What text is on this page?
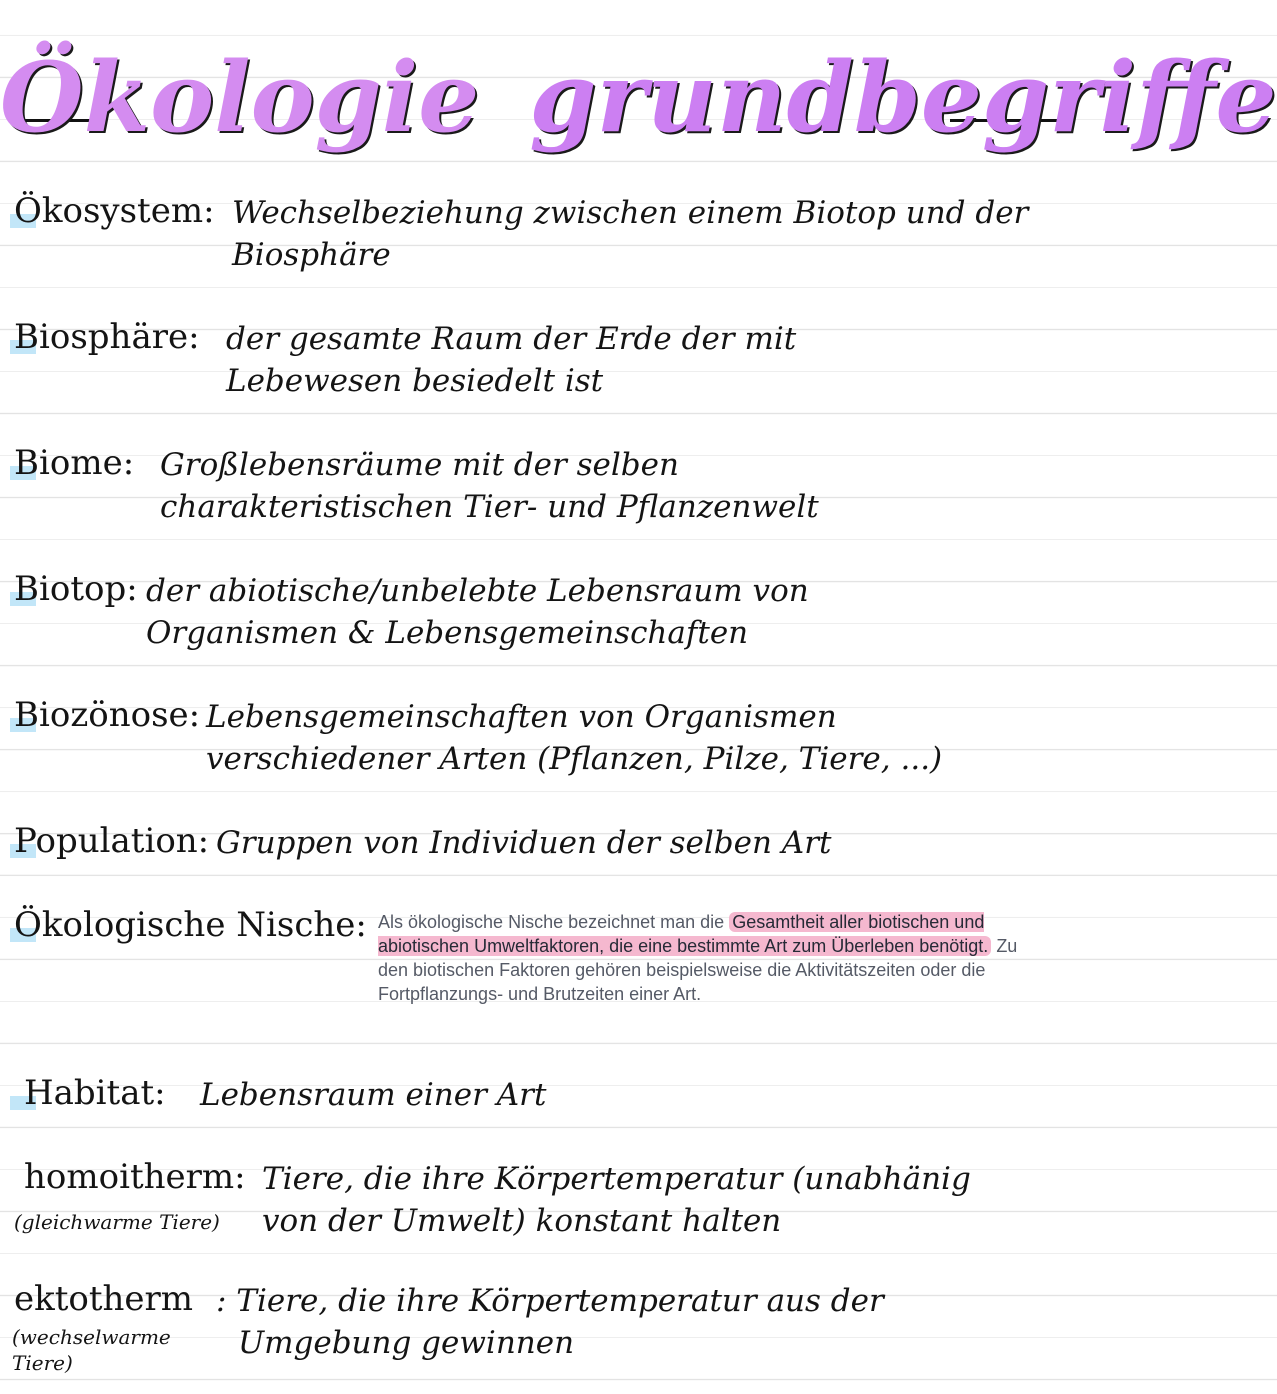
Ökologie grundbegriffe
Ökosystem: Wechselbeziehung zwischen einem Biotop und der
Biosphäre
Biosphäre: der gesamte Raum der Erde der mit
Lebewesen besiedelt ist
Biome: Großlebensräume mit der selben
charakteristischen Tier- und Pflanzenwelt
Biotop: der abiotische/unbelebte Lebensraum von
Organismen & Lebensgemeinschaften
Biozönose: Lebensgemeinschaften von Organismen
verschiedener Arten (Pflanzen, Pilze, Tiere, ...)
Population: Gruppen von Individuen der selben Art
Ökologische Nische: Als ökologische Nische bezeichnet man die Gesamtheit aller biotischen und abiotischen Umweltfaktoren, die eine bestimmte Art zum Überleben benötigt. Zu den biotischen Faktoren gehören beispielsweise die Aktivitätszeiten oder die Fortpflanzungs- und Brutzeiten einer Art.
Habitat: Lebensraum einer Art
homoitherm: Tiere, die ihre Körpertemperatur (unabhänig
von der Umwelt) konstant halten
(gleichwarme Tiere)
ektotherm : Tiere, die ihre Körpertemperatur aus der
Umgebung gewinnen
(wechselwarme Tiere)
